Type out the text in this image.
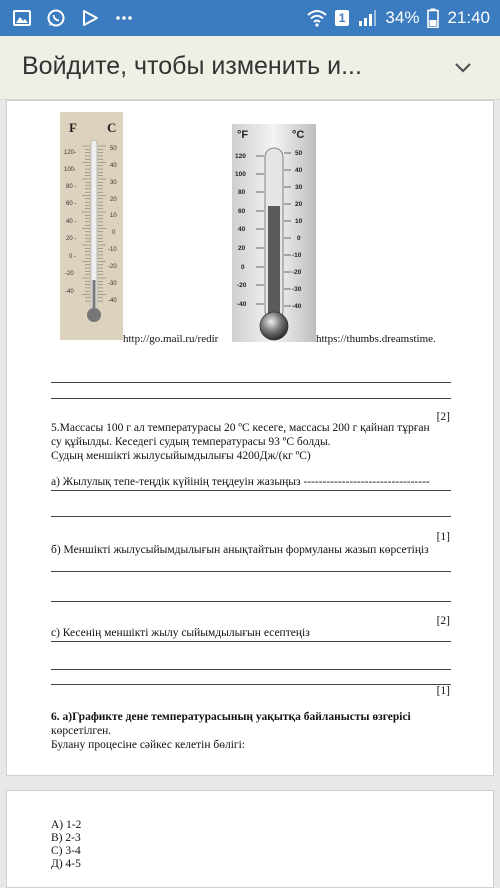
1 34% 21:40
Войдите, чтобы изменить и...
F C
120-
100-
80 -
60 -
40 -
20 -
0 -
-20
-40
50
40
30
20
10
0
-10
-20
-30
-40
http://go.mail.ru/redir
°F	°C
120
100
80
60
40
20
0
-20
-40
50
40
30
20
10
0
-10
-20
-30
-40
https://thumbs.dreamstime.
[2]
5.Массасы 100 г ал температурасы 20 ºС кесеге, массасы 200 г қайнап тұрған
су құйылды. Кеседегі судың температурасы 93 ºС болды.
Судың меншікті жылусыйымдылығы 4200Дж/(кг ºС)
а) Жылулық тепе-теңдік күйінің теңдеуін жазыңыз ---------------------------------
[1]
б) Меншікті жылусыйымдылығын анықтайтын формуланы жазып көрсетіңіз
[2]
с) Кесенің меншікті жылу сыйымдылығын есептеңіз
[1]
6. а)Графикте дене температурасының уақытқа байланысты өзгерісі
көрсетілген.
Булану процесіне сәйкес келетін бөлігі:
А) 1-2
В) 2-3
С) 3-4
Д) 4-5
